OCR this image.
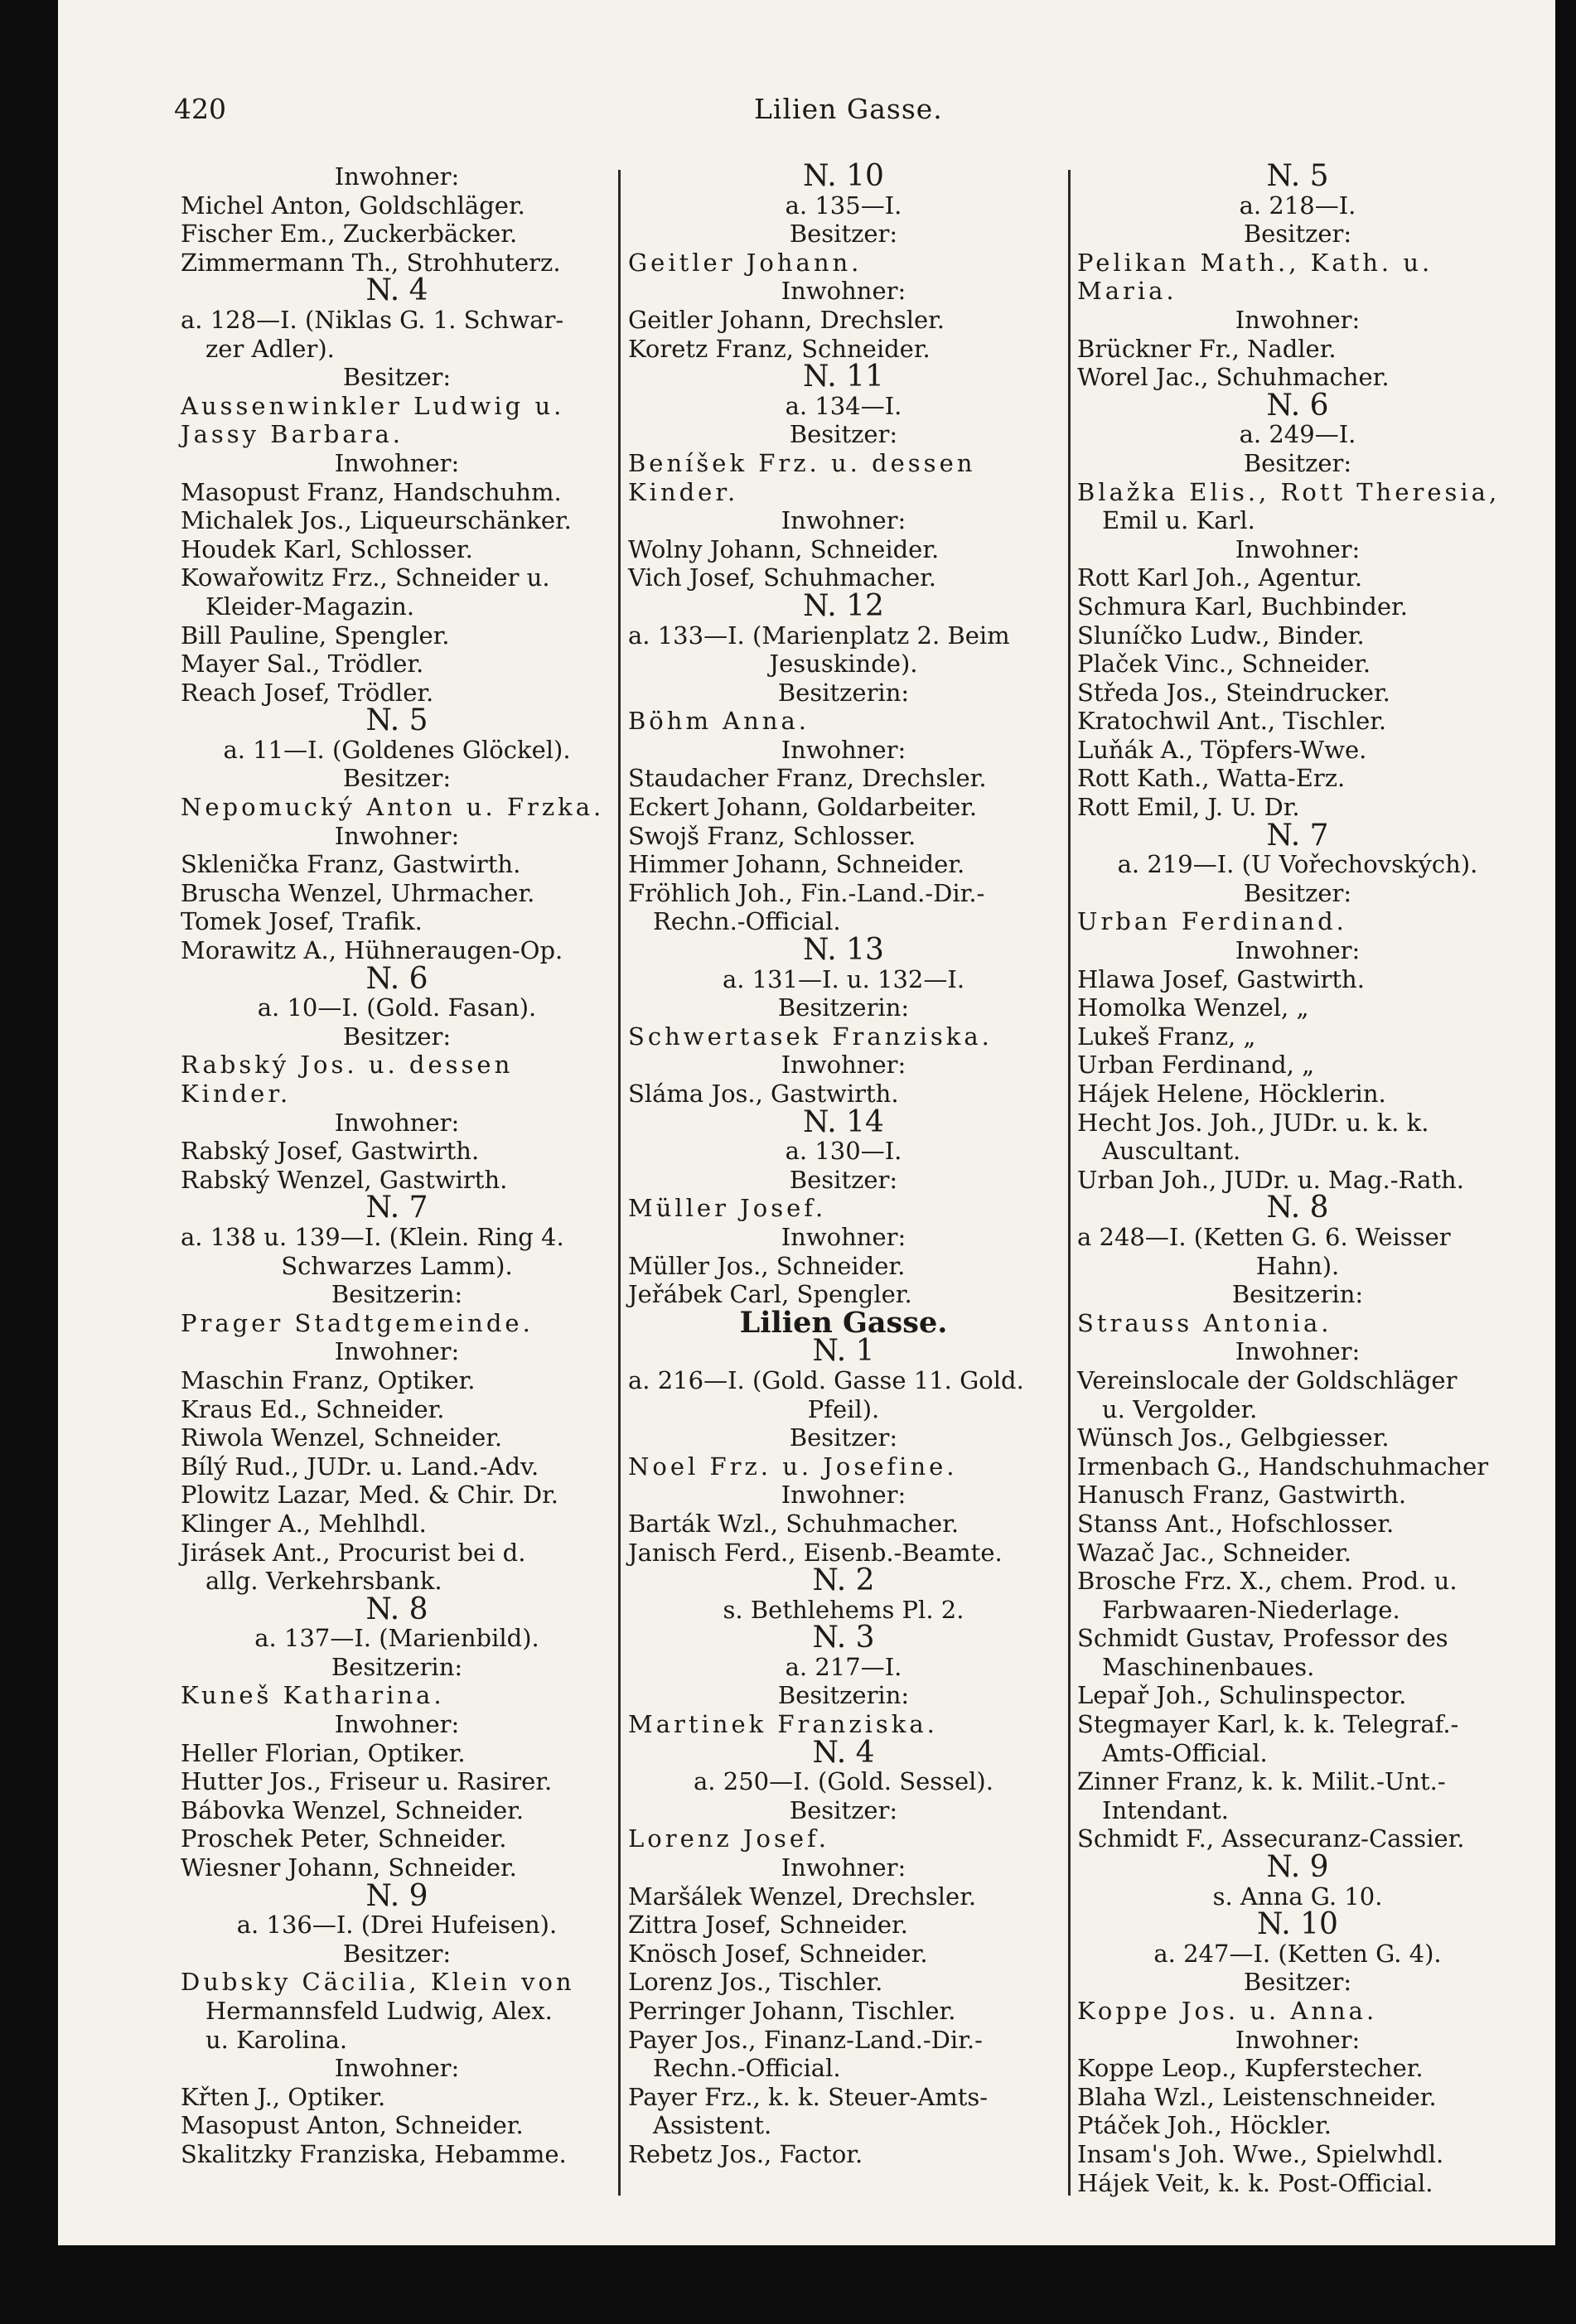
420	Lilien Gasse.

Inwohner:

Michel Anton, Goldschläger.

Fischer Em., Zuckerbäcker.

Zimmermann Th., Strohhuterz.

N. 4

a. 128—I. (Niklas G. 1. Schwar-

zer Adler).

Besitzer:

Aussenwinkler Ludwig u.

Jassy Barbara.

Inwohner:

Masopust Franz, Handschuhm.

Michalek Jos., Liqueurschänker.

Houdek Karl, Schlosser.

Kowařowitz Frz., Schneider u.

Kleider-Magazin.

Bill Pauline, Spengler.

Mayer Sal., Trödler.

Reach Josef, Trödler.

N. 5

a. 11—I. (Goldenes Glöckel).

Besitzer:

Nepomucký Anton u. Frzka.

Inwohner:

Sklenička Franz, Gastwirth.

Bruscha Wenzel, Uhrmacher.

Tomek Josef, Trafik.

Morawitz A., Hühneraugen-Op.

N. 6

a. 10—I. (Gold. Fasan).

Besitzer:

Rabský Jos. u. dessen Kinder.

Inwohner:

Rabský Josef, Gastwirth.

Rabský Wenzel, Gastwirth.

N. 7

a. 138 u. 139—I. (Klein. Ring 4.

Schwarzes Lamm).

Besitzerin:

Prager Stadtgemeinde.

Inwohner:

Maschin Franz, Optiker.

Kraus Ed., Schneider.

Riwola Wenzel, Schneider.

Bílý Rud., JUDr. u. Land.-Adv.

Plowitz Lazar, Med. & Chir. Dr.

Klinger A., Mehlhdl.

Jirásek Ant., Procurist bei d.

allg. Verkehrsbank.

N. 8

a. 137—I. (Marienbild).

Besitzerin:

Kuneš Katharina.

Inwohner:

Heller Florian, Optiker.

Hutter Jos., Friseur u. Rasirer.

Bábovka Wenzel, Schneider.

Proschek Peter, Schneider.

Wiesner Johann, Schneider.

N. 9

a. 136—I. (Drei Hufeisen).

Besitzer:

Dubsky Cäcilia, Klein von

Hermannsfeld Ludwig, Alex.

u. Karolina.

Inwohner:

Křten J., Optiker.

Masopust Anton, Schneider.

Skalitzky Franziska, Hebamme.

N. 10

a. 135—I.

Besitzer:

Geitler Johann.

Inwohner:

Geitler Johann, Drechsler.

Koretz Franz, Schneider.

N. 11

a. 134—I.

Besitzer:

Beníšek Frz. u. dessen Kinder.

Inwohner:

Wolny Johann, Schneider.

Vich Josef, Schuhmacher.

N. 12

a. 133—I. (Marienplatz 2. Beim

Jesuskinde).

Besitzerin:

Böhm Anna.

Inwohner:

Staudacher Franz, Drechsler.

Eckert Johann, Goldarbeiter.

Swojš Franz, Schlosser.

Himmer Johann, Schneider.

Fröhlich Joh., Fin.-Land.-Dir.-

Rechn.-Official.

N. 13

a. 131—I. u. 132—I.

Besitzerin:

Schwertasek Franziska.

Inwohner:

Sláma Jos., Gastwirth.

N. 14

a. 130—I.

Besitzer:

Müller Josef.

Inwohner:

Müller Jos., Schneider.

Jeřábek Carl, Spengler.

Lilien Gasse.

N. 1

a. 216—I. (Gold. Gasse 11. Gold.

Pfeil).

Besitzer:

Noel Frz. u. Josefine.

Inwohner:

Barták Wzl., Schuhmacher.

Janisch Ferd., Eisenb.-Beamte.

N. 2

s. Bethlehems Pl. 2.

N. 3

a. 217—I.

Besitzerin:

Martinek Franziska.

N. 4

a. 250—I. (Gold. Sessel).

Besitzer:

Lorenz Josef.

Inwohner:

Maršálek Wenzel, Drechsler.

Zittra Josef, Schneider.

Knösch Josef, Schneider.

Lorenz Jos., Tischler.

Perringer Johann, Tischler.

Payer Jos., Finanz-Land.-Dir.-

Rechn.-Official.

Payer Frz., k. k. Steuer-Amts-

Assistent.

Rebetz Jos., Factor.

N. 5

a. 218—I.

Besitzer:

Pelikan Math., Kath. u. Maria.

Inwohner:

Brückner Fr., Nadler.

Worel Jac., Schuhmacher.

N. 6

a. 249—I.

Besitzer:

Blažka Elis., Rott Theresia,

Emil u. Karl.

Inwohner:

Rott Karl Joh., Agentur.

Schmura Karl, Buchbinder.

Sluníčko Ludw., Binder.

Plaček Vinc., Schneider.

Středa Jos., Steindrucker.

Kratochwil Ant., Tischler.

Luňák A., Töpfers-Wwe.

Rott Kath., Watta-Erz.

Rott Emil, J. U. Dr.

N. 7

a. 219—I. (U Vořechovských).

Besitzer:

Urban Ferdinand.

Inwohner:

Hlawa Josef, Gastwirth.

Homolka Wenzel, „

Lukeš Franz, „

Urban Ferdinand, „

Hájek Helene, Höcklerin.

Hecht Jos. Joh., JUDr. u. k. k.

Auscultant.

Urban Joh., JUDr. u. Mag.-Rath.

N. 8

a 248—I. (Ketten G. 6. Weisser

Hahn).

Besitzerin:

Strauss Antonia.

Inwohner:

Vereinslocale der Goldschläger

u. Vergolder.

Wünsch Jos., Gelbgiesser.

Irmenbach G., Handschuhmacher

Hanusch Franz, Gastwirth.

Stanss Ant., Hofschlosser.

Wazač Jac., Schneider.

Brosche Frz. X., chem. Prod. u.

Farbwaaren-Niederlage.

Schmidt Gustav, Professor des

Maschinenbaues.

Lepař Joh., Schulinspector.

Stegmayer Karl, k. k. Telegraf.-

Amts-Official.

Zinner Franz, k. k. Milit.-Unt.-

Intendant.

Schmidt F., Assecuranz-Cassier.

N. 9

s. Anna G. 10.

N. 10

a. 247—I. (Ketten G. 4).

Besitzer:

Koppe Jos. u. Anna.

Inwohner:

Koppe Leop., Kupferstecher.

Blaha Wzl., Leistenschneider.

Ptáček Joh., Höckler.

Insam's Joh. Wwe., Spielwhdl.

Hájek Veit, k. k. Post-Official.
